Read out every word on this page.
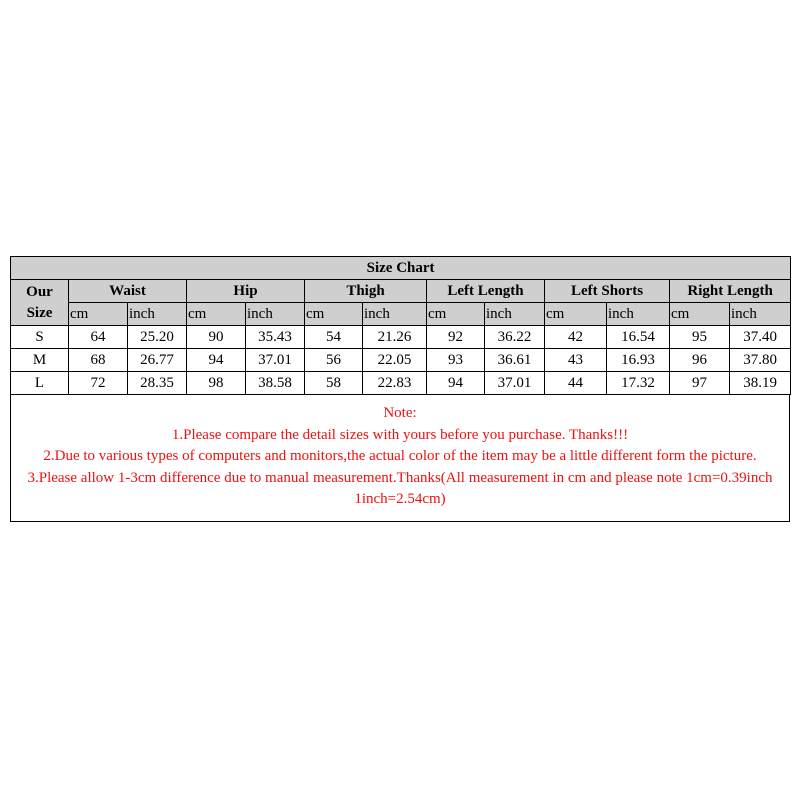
Size Chart												
Our
Size	Waist		Hip		Thigh		Left Length		Left Shorts		Right Length	
	cm	inch	cm	inch	cm	inch	cm	inch	cm	inch	cm	inch
S	64	25.20	90	35.43	54	21.26	92	36.22	42	16.54	95	37.40
M	68	26.77	94	37.01	56	22.05	93	36.61	43	16.93	96	37.80
L	72	28.35	98	38.58	58	22.83	94	37.01	44	17.32	97	38.19
Note:
1.Please compare the detail sizes with yours before you purchase. Thanks!!!
2.Due to various types of computers and monitors,the actual color of the item may be a little different form the picture.
3.Please allow 1-3cm difference due to manual measurement.Thanks(All measurement in cm and please note 1cm=0.39inch 1inch=2.54cm)
